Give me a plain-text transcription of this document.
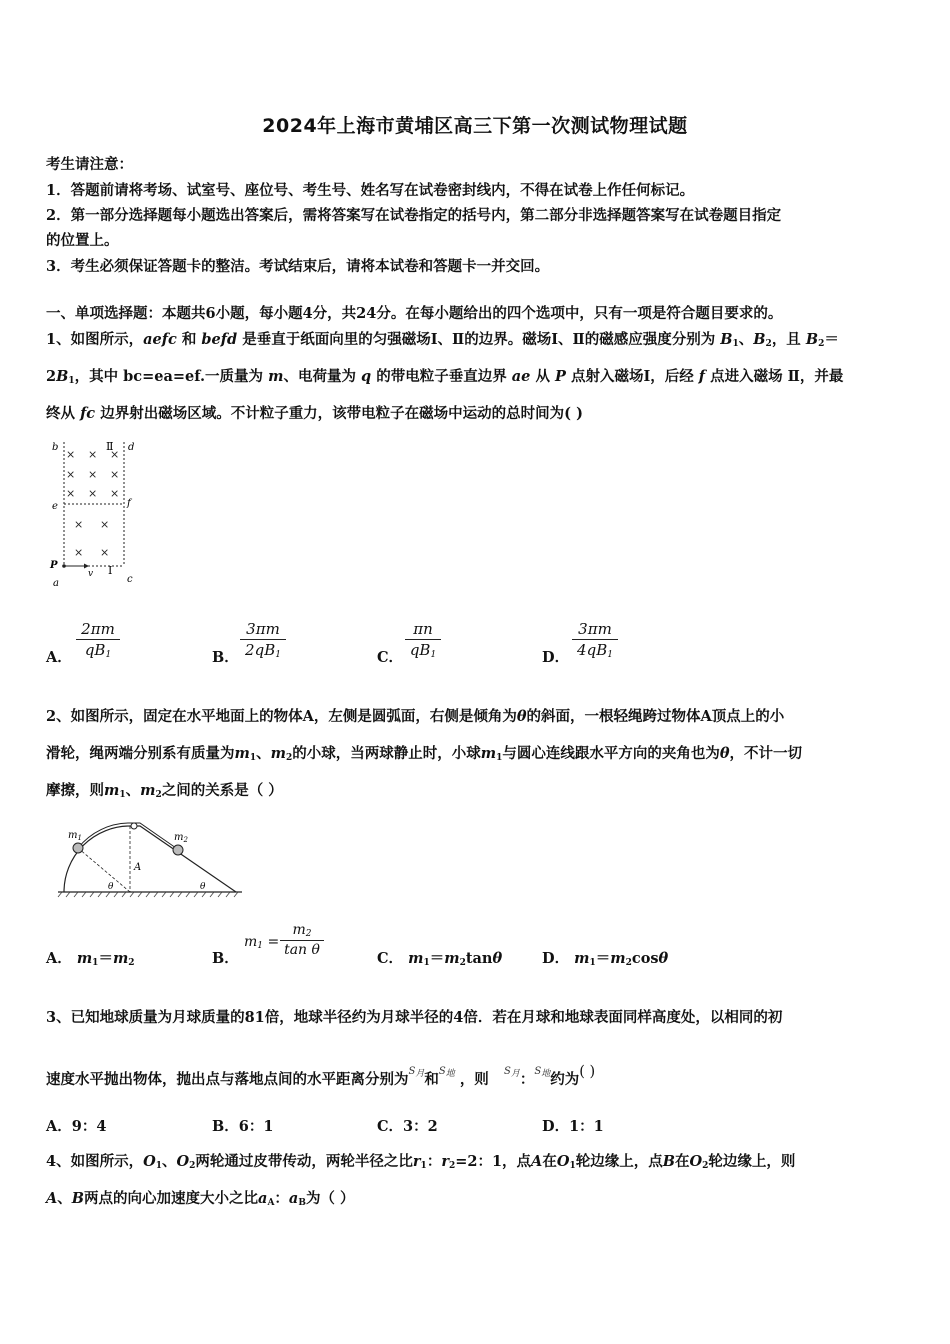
2024年上海市黄埔区高三下第一次测试物理试题
考生请注意：
1．答题前请将考场、试室号、座位号、考生号、姓名写在试卷密封线内，不得在试卷上作任何标记。
2．第一部分选择题每小题选出答案后，需将答案写在试卷指定的括号内，第二部分非选择题答案写在试卷题目指定
的位置上。
3．考生必须保证答题卡的整洁。考试结束后，请将本试卷和答题卡一并交回。
一、单项选择题：本题共6小题，每小题4分，共24分。在每小题给出的四个选项中，只有一项是符合题目要求的。
1、如图所示，aefc 和 befd 是垂直于纸面向里的匀强磁场Ⅰ、Ⅱ的边界。磁场Ⅰ、Ⅱ的磁感应强度分别为 $B_1$、$B_2$，且 $B_2=$
$2B_1$，其中 bc=ea=ef.一质量为 m、电荷量为 q 的带电粒子垂直边界 ae 从 P 点射入磁场Ⅰ，后经 f 点进入磁场 Ⅱ，并最
终从 fc 边界射出磁场区域。不计粒子重力，该带电粒子在磁场中运动的总时间为( )
b	d
Ⅱ
e	f
P
a	c
I
v
× × ×
× × ×
× × ×
× ×
× ×
A．
2πm
$qB_1$	B．
3πm
$2qB_1$	C．
πn
$qB_1$	D．
3πm
$4qB_1$
2、如图所示，固定在水平地面上的物体A，左侧是圆弧面，右侧是倾角为θ的斜面，一根轻绳跨过物体A顶点上的小
滑轮，绳两端分别系有质量为$m_1$、$m_2$的小球，当两球静止时，小球$m_1$与圆心连线跟水平方向的夹角也为θ，不计一切
摩擦，则$m_1$、$m_2$之间的关系是（ ）
$m_1$	$m_2$
A
θ	θ
A． $m_1=m_2$	B．
$m_1$ =
$m_2$
tan θ	C． $m_1=m_2\tan\theta$	D． $m_1=m_2\cos\theta$
3、已知地球质量为月球质量的81倍，地球半径约为月球半径的4倍．若在月球和地球表面同样高度处，以相同的初
速度水平抛出物体，抛出点与落地点间的水平距离分别为$^{S_月}$和$^{S_地}$ ，则 $^{S_月}$：$^{S_地}$约为( )
A．9：4	B．6：1	C．3：2	D．1：1
4、如图所示，$O_1$、$O_2$两轮通过皮带传动，两轮半径之比$r_1$：$r_2=2$：1，点A在$O_1$轮边缘上，点B在$O_2$轮边缘上，则
A、B两点的向心加速度大小之比$a_A$：$a_B$为（ ）
